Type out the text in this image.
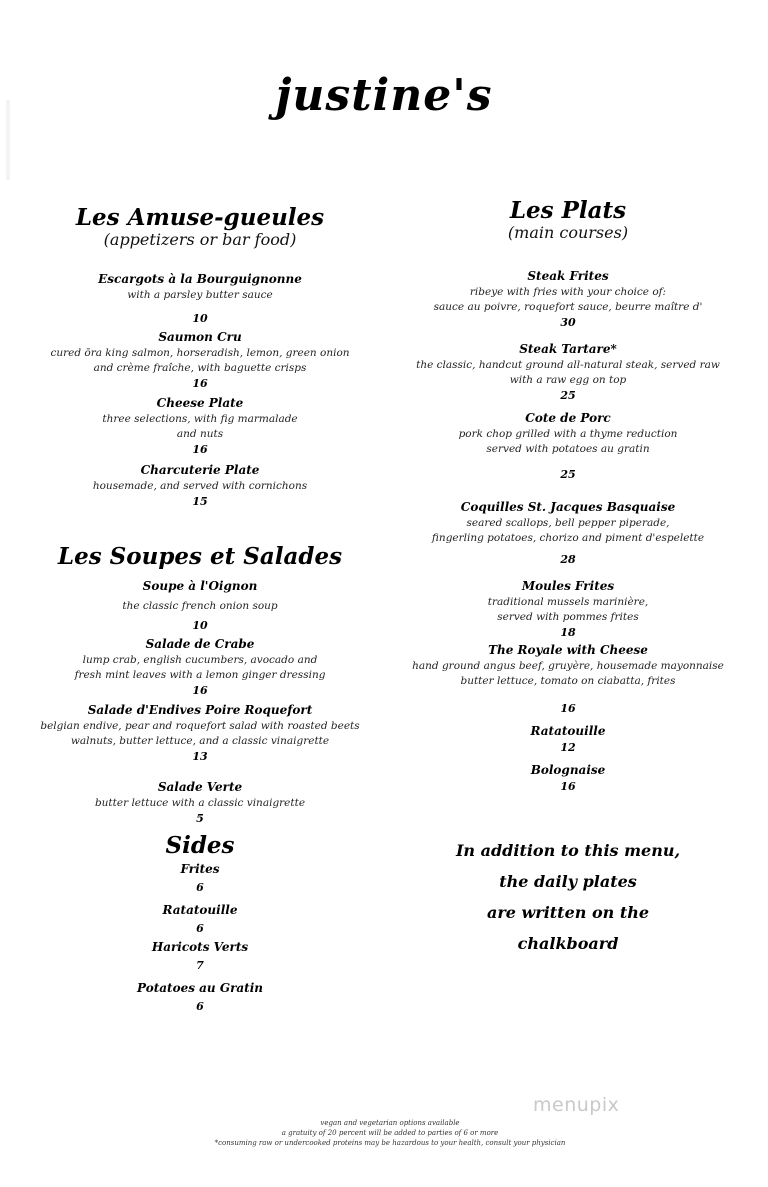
justine's
Les Amuse-gueules
(appetizers or bar food)
Escargots à la Bourguignonne
with a parsley butter sauce
10
Saumon Cru
cured ōra king salmon, horseradish, lemon, green onion
and crème fraîche, with baguette crisps
16
Cheese Plate
three selections, with fig marmalade
and nuts
16
Charcuterie Plate
housemade, and served with cornichons
15
Les Soupes et Salades
Soupe à l'Oignon
the classic french onion soup
10
Salade de Crabe
lump crab, english cucumbers, avocado and
fresh mint leaves with a lemon ginger dressing
16
Salade d'Endives Poire Roquefort
belgian endive, pear and roquefort salad with roasted beets
walnuts, butter lettuce, and a classic vinaigrette
13
Salade Verte
butter lettuce with a classic vinaigrette
5
Sides
Frites
6
Ratatouille
6
Haricots Verts
7
Potatoes au Gratin
6
Les Plats
(main courses)
Steak Frites
ribeye with fries with your choice of:
sauce au poivre, roquefort sauce, beurre maître d'
30
Steak Tartare*
the classic, handcut ground all-natural steak, served raw
with a raw egg on top
25
Cote de Porc
pork chop grilled with a thyme reduction
served with potatoes au gratin
25
Coquilles St. Jacques Basquaise
seared scallops, bell pepper piperade,
fingerling potatoes, chorizo and piment d'espelette
28
Moules Frites
traditional mussels marinière,
served with pommes frites
18
The Royale with Cheese
hand ground angus beef, gruyère, housemade mayonnaise
butter lettuce, tomato on ciabatta, frites
16
Ratatouille
12
Bolognaise
16
In addition to this menu,
the daily plates
are written on the
chalkboard
vegan and vegetarian options available
a gratuity of 20 percent will be added to parties of 6 or more
*consuming raw or undercooked proteins may be hazardous to your health, consult your physician
menupix
